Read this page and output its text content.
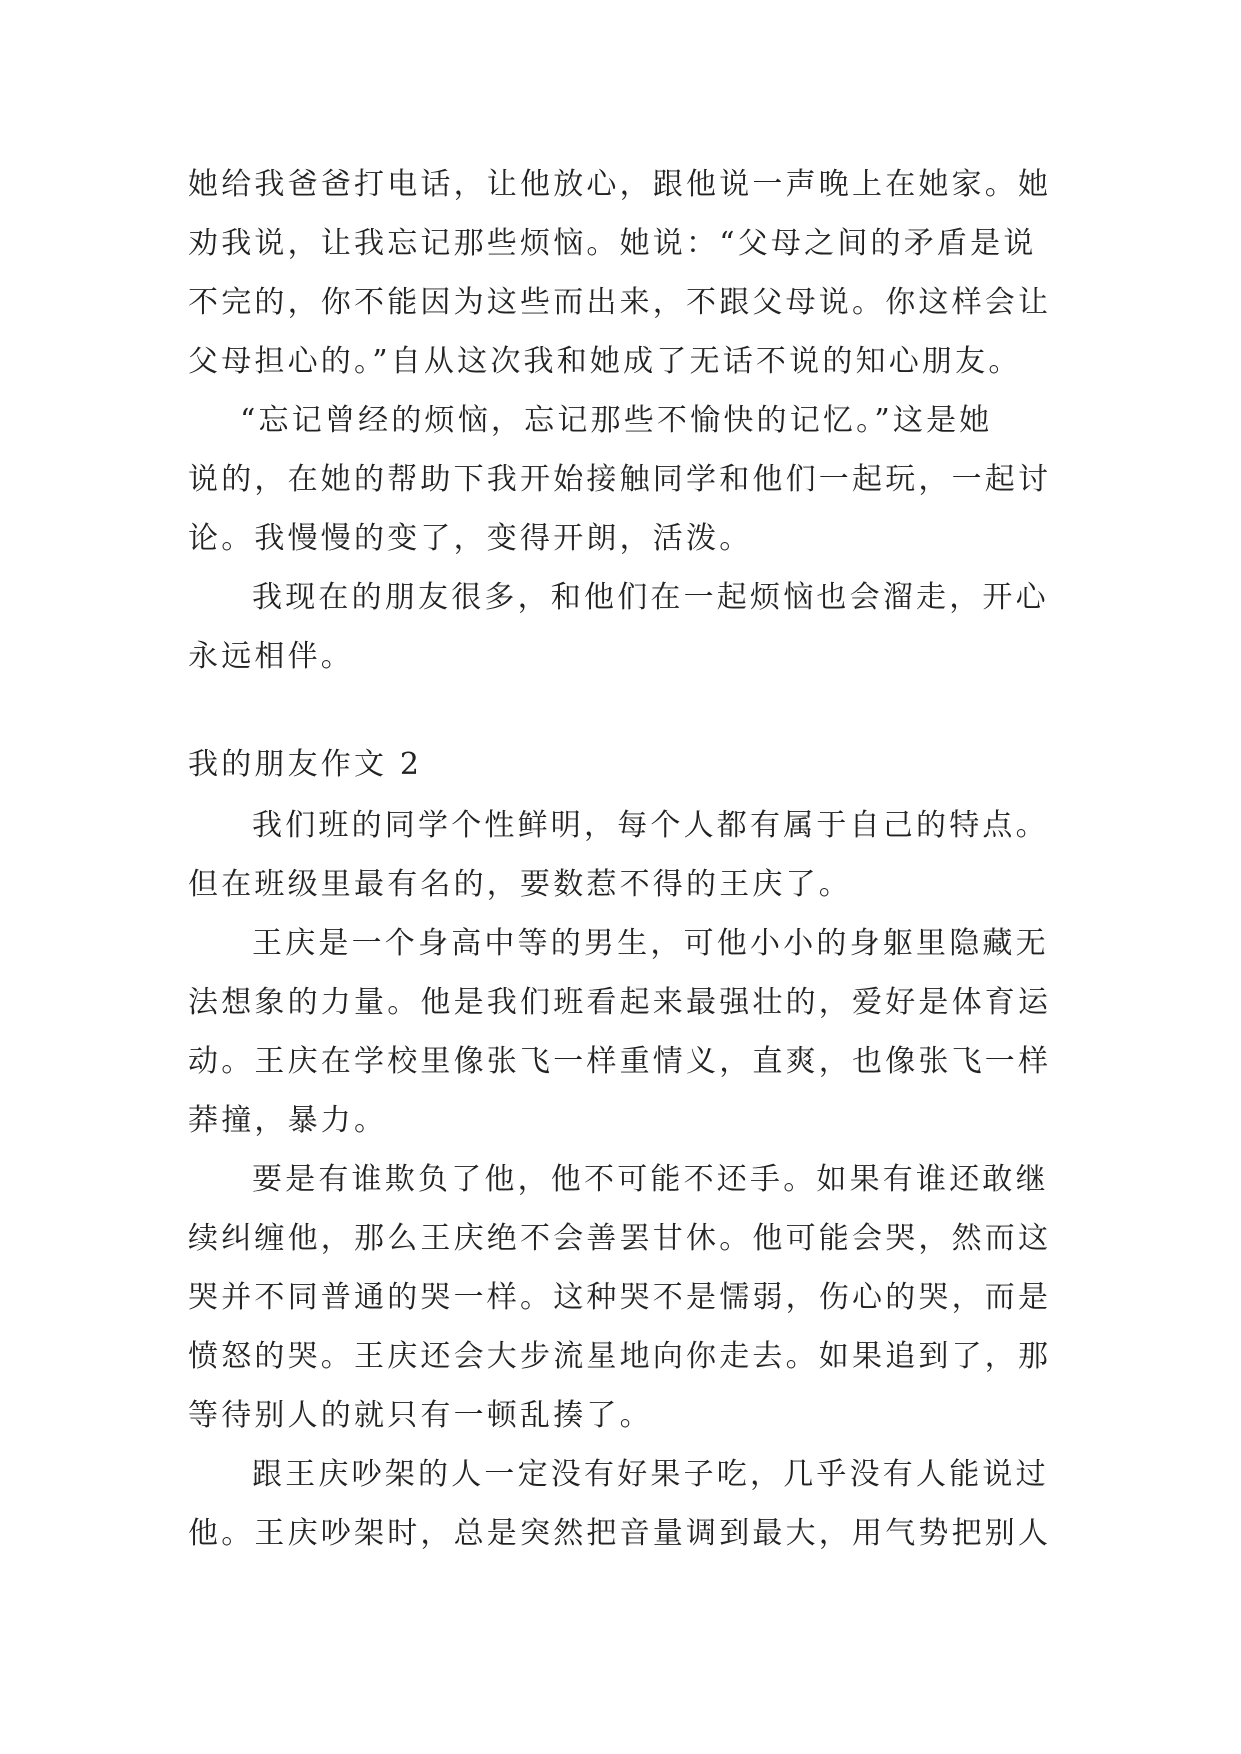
她给我爸爸打电话，让他放心，跟他说一声晚上在她家。她
劝我说，让我忘记那些烦恼。她说：“父母之间的矛盾是说
不完的，你不能因为这些而出来，不跟父母说。你这样会让
父母担心的。”自从这次我和她成了无话不说的知心朋友。
“忘记曾经的烦恼，忘记那些不愉快的记忆。”这是她
说的，在她的帮助下我开始接触同学和他们一起玩，一起讨
论。我慢慢的变了，变得开朗，活泼。
我现在的朋友很多，和他们在一起烦恼也会溜走，开心
永远相伴。
我的朋友作文 2
我们班的同学个性鲜明，每个人都有属于自己的特点。
但在班级里最有名的，要数惹不得的王庆了。
王庆是一个身高中等的男生，可他小小的身躯里隐藏无
法想象的力量。他是我们班看起来最强壮的，爱好是体育运
动。王庆在学校里像张飞一样重情义，直爽，也像张飞一样
莽撞，暴力。
要是有谁欺负了他，他不可能不还手。如果有谁还敢继
续纠缠他，那么王庆绝不会善罢甘休。他可能会哭，然而这
哭并不同普通的哭一样。这种哭不是懦弱，伤心的哭，而是
愤怒的哭。王庆还会大步流星地向你走去。如果追到了，那
等待别人的就只有一顿乱揍了。
跟王庆吵架的人一定没有好果子吃，几乎没有人能说过
他。王庆吵架时，总是突然把音量调到最大，用气势把别人
